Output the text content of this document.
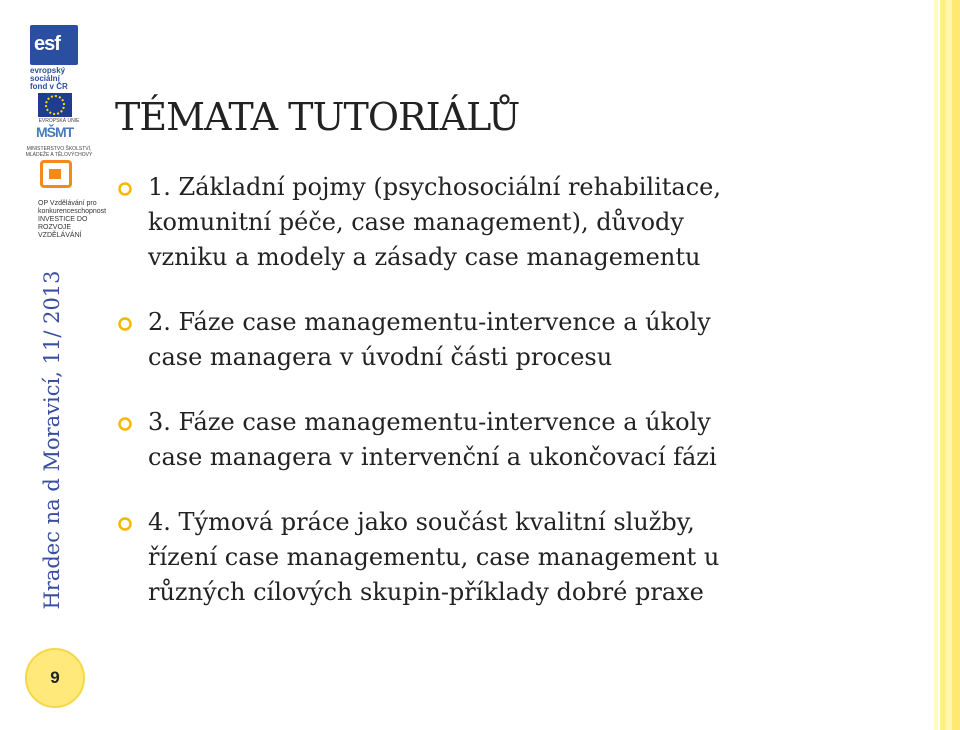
esf
evropský
sociální
fond v ČR
EVROPSKÁ UNIE
MŠMT
MINISTERSTVO ŠKOLSTVÍ, MLÁDEŽE A TĚLOVÝCHOVY
OP Vzdělávání pro konkurenceschopnost
INVESTICE DO ROZVOJE VZDĚLÁVÁNÍ
Hradec na d Moravicí, 11/ 2013
9
TÉMATA TUTORIÁLŮ
1. Základní pojmy (psychosociální rehabilitace,
komunitní péče, case management), důvody
vzniku a modely a zásady case managementu
2. Fáze case managementu-intervence a úkoly
case managera v úvodní části procesu
3. Fáze case managementu-intervence a úkoly
case managera v intervenční a ukončovací fázi
4. Týmová práce jako součást kvalitní služby,
řízení case managementu, case management u
různých cílových skupin-příklady dobré praxe
